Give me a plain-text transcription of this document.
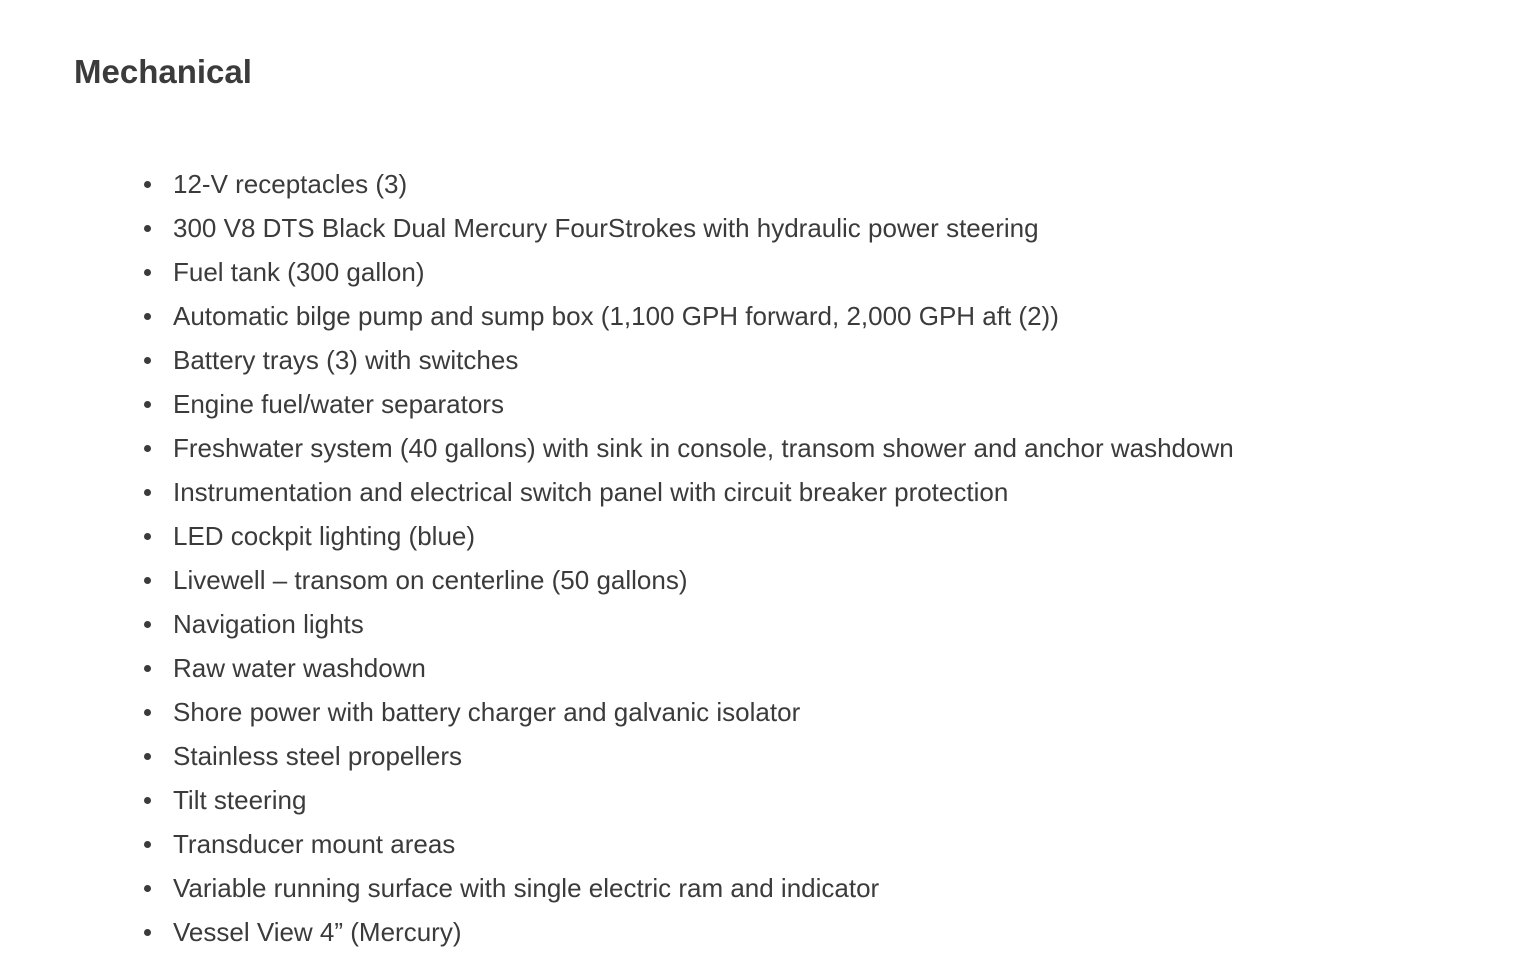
Mechanical
12-V receptacles (3)
300 V8 DTS Black Dual Mercury FourStrokes with hydraulic power steering
Fuel tank (300 gallon)
Automatic bilge pump and sump box (1,100 GPH forward, 2,000 GPH aft (2))
Battery trays (3) with switches
Engine fuel/water separators
Freshwater system (40 gallons) with sink in console, transom shower and anchor washdown
Instrumentation and electrical switch panel with circuit breaker protection
LED cockpit lighting (blue)
Livewell – transom on centerline (50 gallons)
Navigation lights
Raw water washdown
Shore power with battery charger and galvanic isolator
Stainless steel propellers
Tilt steering
Transducer mount areas
Variable running surface with single electric ram and indicator
Vessel View 4” (Mercury)
